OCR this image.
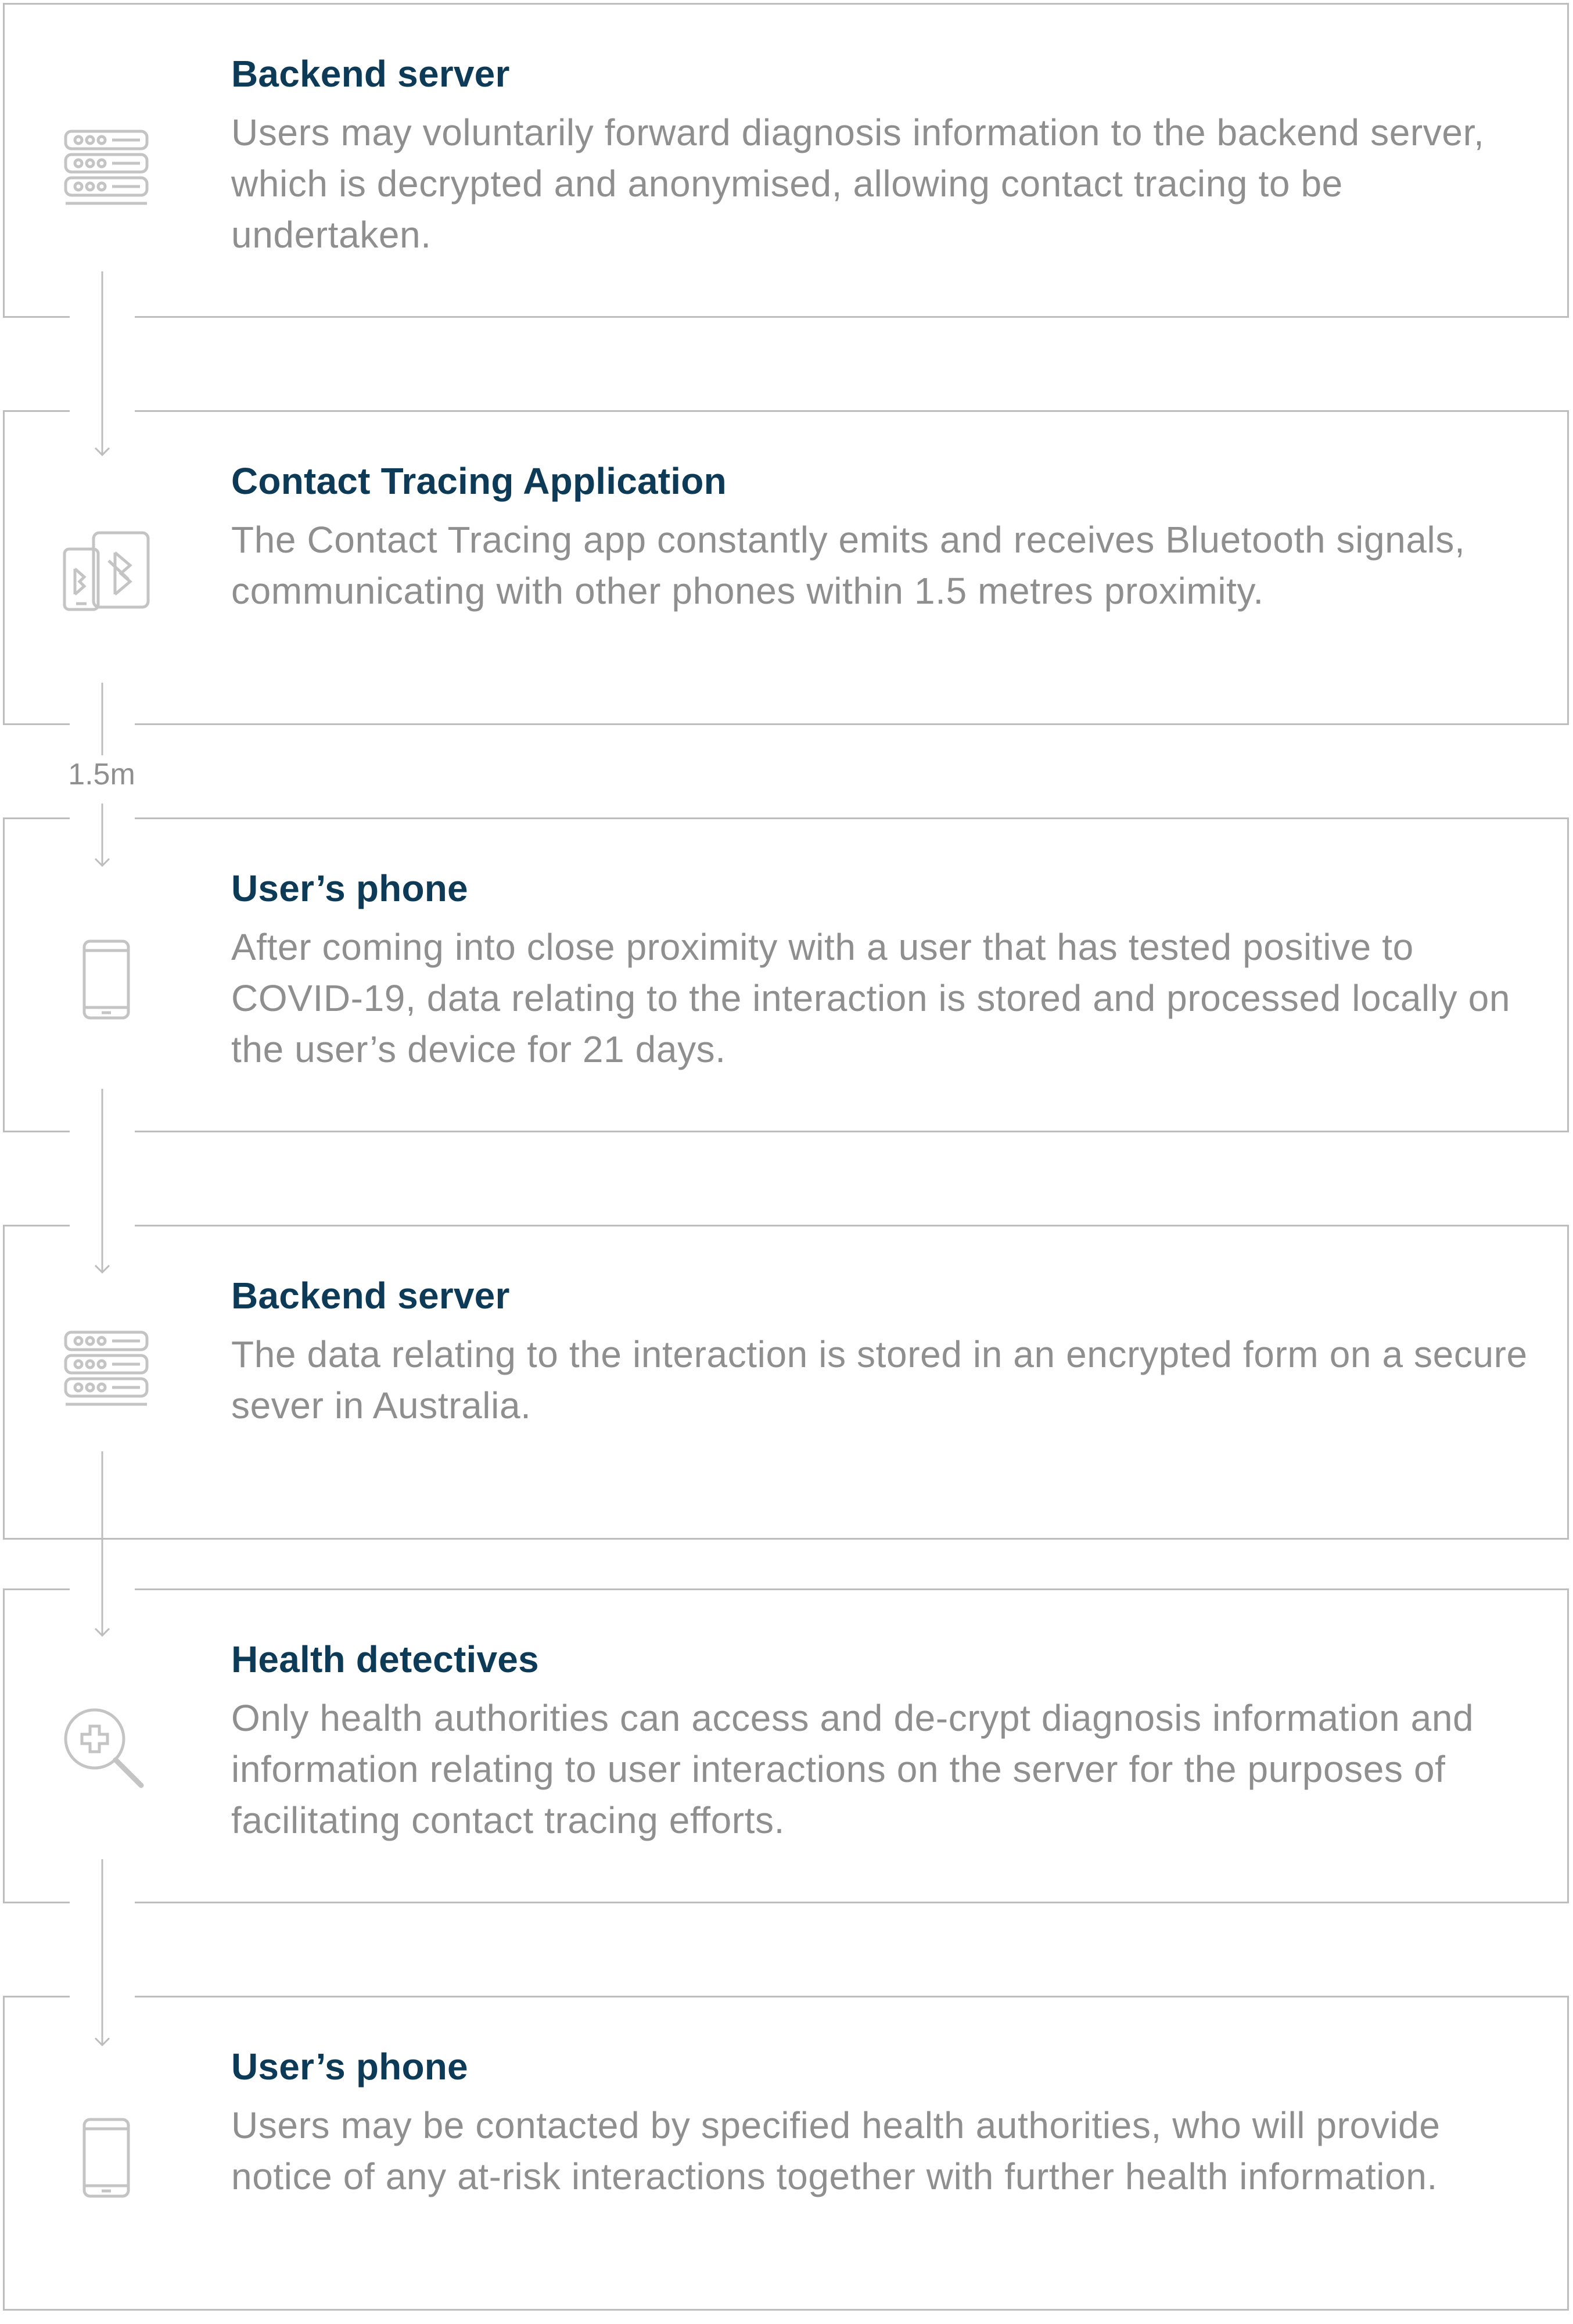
Backend server

Users may voluntarily forward diagnosis information to the backend server, which is decrypted and anonymised, allowing contact tracing to be undertaken.

Contact Tracing Application

The Contact Tracing app constantly emits and receives Bluetooth signals, communicating with other phones within 1.5 metres proximity.

User’s phone

After coming into close proximity with a user that has tested positive to COVID-19, data relating to the interaction is stored and processed locally on the user’s device for 21 days.

Backend server

The data relating to the interaction is stored in an encrypted form on a secure sever in Australia.

Health detectives

Only health authorities can access and de-crypt diagnosis information and information relating to user interactions on the server for the purposes of facilitating contact tracing efforts.

User’s phone

Users may be contacted by specified health authorities, who will provide notice of any at-risk interactions together with further health information.

1.5m
